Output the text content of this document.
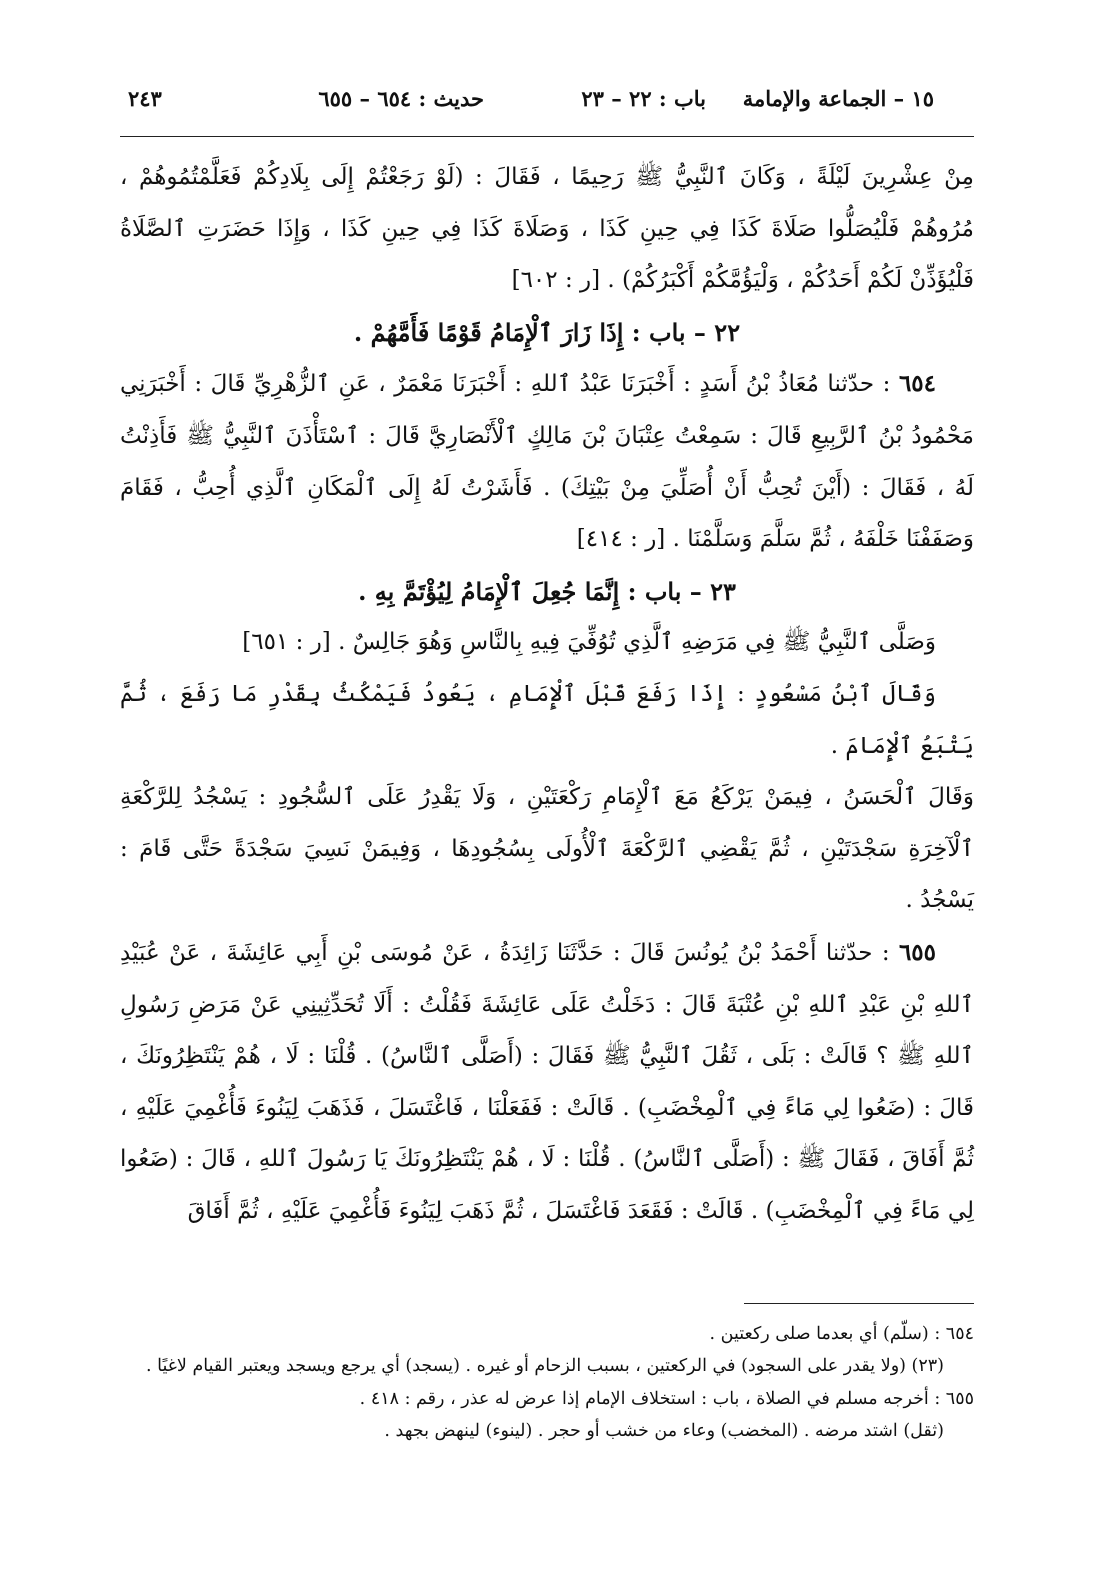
١٥ – الجماعة والإمامة
باب : ٢٢ – ٢٣
حديث : ٦٥٤ – ٦٥٥
٢٤٣

مِنْ عِشْرِينَ لَيْلَةً ، وَكَانَ ٱلنَّبِيُّ ﷺ رَحِيمًا ، فَقَالَ : (لَوْ رَجَعْتُمْ إِلَى بِلَادِكُمْ فَعَلَّمْتُمُوهُمْ ، مُرُوهُمْ فَلْيُصَلُّوا صَلَاةَ كَذَا فِي حِينِ كَذَا ، وَصَلَاةَ كَذَا فِي حِينِ كَذَا ، وَإِذَا حَضَرَتِ ٱلصَّلَاةُ فَلْيُؤَذِّنْ لَكُمْ أَحَدُكُمْ ، وَلْيَؤُمَّكُمْ أَكْبَرُكُمْ) . [ر : ٦٠٢]

٢٢ – باب : إِذَا زَارَ ٱلْإِمَامُ قَوْمًا فَأَمَّهُمْ .

٦٥٤ : حدّثنا مُعَاذُ بْنُ أَسَدٍ : أَخْبَرَنَا عَبْدُ ٱللهِ : أَخْبَرَنَا مَعْمَرٌ ، عَنِ ٱلزُّهْرِيِّ قَالَ : أَخْبَرَنِي مَحْمُودُ بْنُ ٱلرَّبِيعِ قَالَ : سَمِعْتُ عِتْبَانَ بْنَ مَالِكٍ ٱلْأَنْصَارِيَّ قَالَ : ٱسْتَأْذَنَ ٱلنَّبِيُّ ﷺ فَأَذِنْتُ لَهُ ، فَقَالَ : (أَيْنَ تُحِبُّ أَنْ أُصَلِّيَ مِنْ بَيْتِكَ) . فَأَشَرْتُ لَهُ إِلَى ٱلْمَكَانِ ٱلَّذِي أُحِبُّ ، فَقَامَ وَصَفَفْنَا خَلْفَهُ ، ثُمَّ سَلَّمَ وَسَلَّمْنَا . [ر : ٤١٤]

٢٣ – باب : إِنَّمَا جُعِلَ ٱلْإِمَامُ لِيُؤْتَمَّ بِهِ .

وَصَلَّى ٱلنَّبِيُّ ﷺ فِي مَرَضِهِ ٱلَّذِي تُوُفِّيَ فِيهِ بِالنَّاسِ وَهُوَ جَالِسٌ . [ر : ٦٥١]

وَقَالَ ٱبْنُ مَسْعُودٍ : إِذَا رَفَعَ قَبْلَ ٱلْإِمَامِ ، يَعُودُ فَيَمْكُثُ بِقَدْرِ مَا رَفَعَ ، ثُمَّ يَتْبَعُ ٱلْإِمَامَ .

وَقَالَ ٱلْحَسَنُ ، فِيمَنْ يَرْكَعُ مَعَ ٱلْإِمَامِ رَكْعَتَيْنِ ، وَلَا يَقْدِرُ عَلَى ٱلسُّجُودِ : يَسْجُدُ لِلرَّكْعَةِ ٱلْآخِرَةِ سَجْدَتَيْنِ ، ثُمَّ يَقْضِي ٱلرَّكْعَةَ ٱلْأُولَى بِسُجُودِهَا ، وَفِيمَنْ نَسِيَ سَجْدَةً حَتَّى قَامَ : يَسْجُدُ .

٦٥٥ : حدّثنا أَحْمَدُ بْنُ يُونُسَ قَالَ : حَدَّثَنَا زَائِدَةُ ، عَنْ مُوسَى بْنِ أَبِي عَائِشَةَ ، عَنْ عُبَيْدِ ٱللهِ بْنِ عَبْدِ ٱللهِ بْنِ عُتْبَةَ قَالَ : دَخَلْتُ عَلَى عَائِشَةَ فَقُلْتُ : أَلَا تُحَدِّثِينِي عَنْ مَرَضِ رَسُولِ ٱللهِ ﷺ ؟ قَالَتْ : بَلَى ، ثَقُلَ ٱلنَّبِيُّ ﷺ فَقَالَ : (أَصَلَّى ٱلنَّاسُ) . قُلْنَا : لَا ، هُمْ يَنْتَظِرُونَكَ ، قَالَ : (ضَعُوا لِي مَاءً فِي ٱلْمِخْضَبِ) . قَالَتْ : فَفَعَلْنَا ، فَاغْتَسَلَ ، فَذَهَبَ لِيَنُوءَ فَأُغْمِيَ عَلَيْهِ ، ثُمَّ أَفَاقَ ، فَقَالَ ﷺ : (أَصَلَّى ٱلنَّاسُ) . قُلْنَا : لَا ، هُمْ يَنْتَظِرُونَكَ يَا رَسُولَ ٱللهِ ، قَالَ : (ضَعُوا لِي مَاءً فِي ٱلْمِخْضَبِ) . قَالَتْ : فَقَعَدَ فَاغْتَسَلَ ، ثُمَّ ذَهَبَ لِيَنُوءَ فَأُغْمِيَ عَلَيْهِ ، ثُمَّ أَفَاقَ

٦٥٤ : (سلّم) أي بعدما صلى ركعتين .

(٢٣) (ولا يقدر على السجود) في الركعتين ، بسبب الزحام أو غيره . (يسجد) أي يرجع ويسجد ويعتبر القيام لاغيًا .

٦٥٥ : أخرجه مسلم في الصلاة ، باب : استخلاف الإمام إذا عرض له عذر ، رقم : ٤١٨ .

(ثقل) اشتد مرضه . (المخضب) وعاء من خشب أو حجر . (لينوء) لينهض بجهد .
